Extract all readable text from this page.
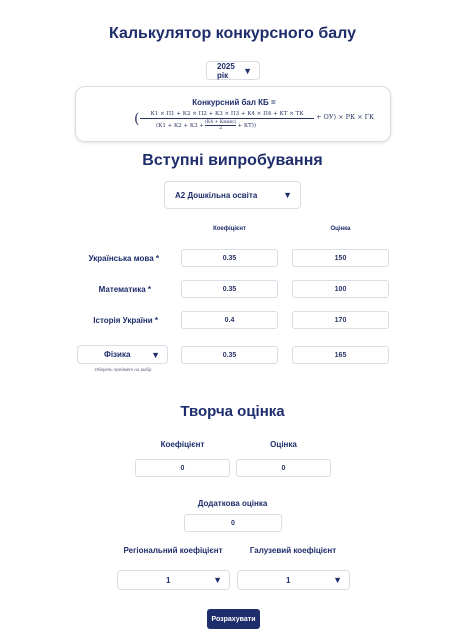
Калькулятор конкурсного балу
2025 рік	▼
Конкурсний бал КБ =
(	К1 × П1 + К2 × П2 + К3 × П3 + К4 × П4 + КТ × ТК
(К1 + К2 + К3 + (К4 + Кмакс)
2	+ КТ))
+ ОУ) × РК × ГК
Вступні випробування
А2 Дошкільна освіта	▼
Коефіцієнт	Оцінка
Українська мова *	0.35	150
Математика *	0.35	100
Історія України *	0.4	170
Фізика ▼	0.35	165
Оберіть предмет на вибір
Творча оцінка
Коефіцієнт	Оцінка
0	0
Додаткова оцінка
0
Регіональний коефіцієнт	Галузевий коефіцієнт
1	▼	1	▼
Розрахувати
